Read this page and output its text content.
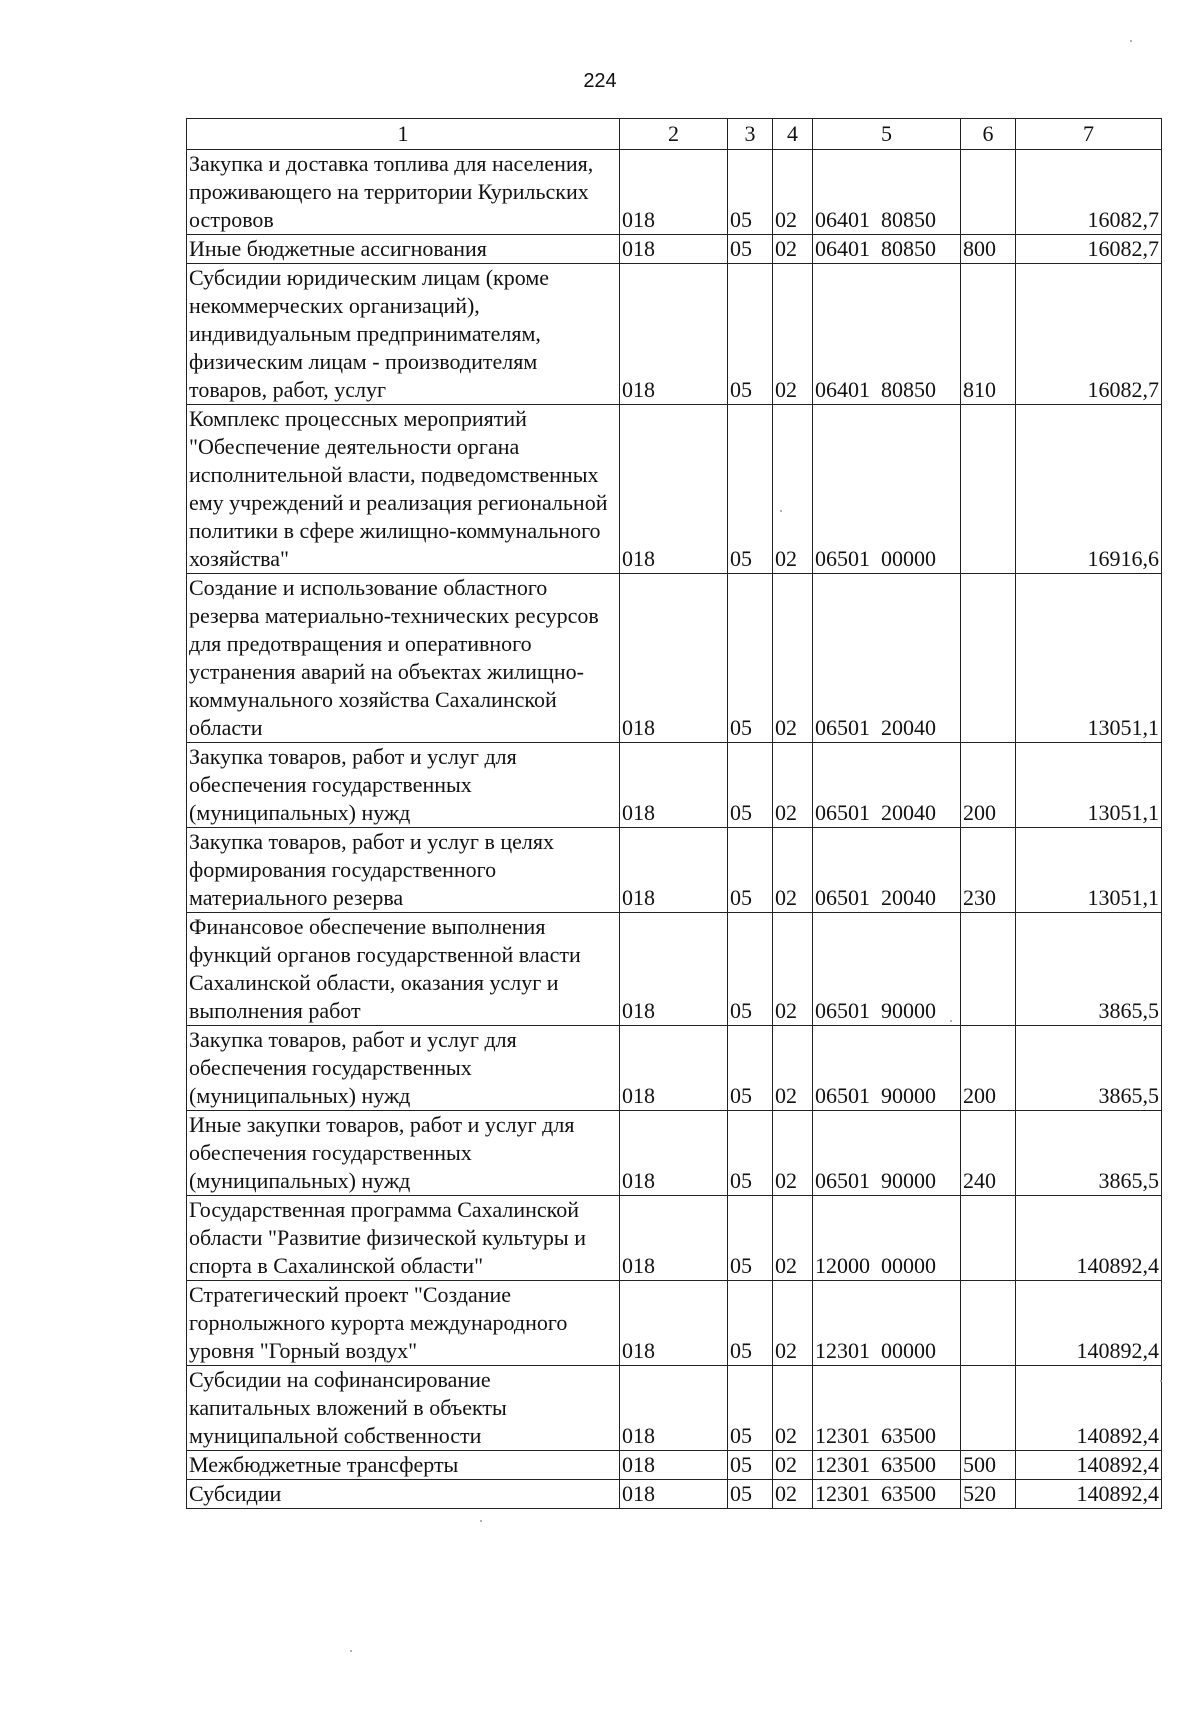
224
1	2	3	4	5	6	7
Закупка и доставка топлива для населения, проживающего на территории Курильских островов	018	05	02	06401  80850		16082,7
Иные бюджетные ассигнования	018	05	02	06401  80850	800	16082,7
Субсидии юридическим лицам (кроме некоммерческих организаций), индивидуальным предпринимателям, физическим лицам - производителям товаров, работ, услуг	018	05	02	06401  80850	810	16082,7
Комплекс процессных мероприятий "Обеспечение деятельности органа исполнительной власти, подведомственных ему учреждений и реализация региональной политики в сфере жилищно-коммунального хозяйства"	018	05	02	06501  00000		16916,6
Создание и использование областного резерва материально-технических ресурсов для предотвращения и оперативного устранения аварий на объектах жилищно-коммунального хозяйства Сахалинской области	018	05	02	06501  20040		13051,1
Закупка товаров, работ и услуг для обеспечения государственных (муниципальных) нужд	018	05	02	06501  20040	200	13051,1
Закупка товаров, работ и услуг в целях формирования государственного материального резерва	018	05	02	06501  20040	230	13051,1
Финансовое обеспечение выполнения функций органов государственной власти Сахалинской области, оказания услуг и выполнения работ	018	05	02	06501  90000		3865,5
Закупка товаров, работ и услуг для обеспечения государственных (муниципальных) нужд	018	05	02	06501  90000	200	3865,5
Иные закупки товаров, работ и услуг для обеспечения государственных (муниципальных) нужд	018	05	02	06501  90000	240	3865,5
Государственная программа Сахалинской области "Развитие физической культуры и спорта в Сахалинской области"	018	05	02	12000  00000		140892,4
Стратегический проект "Создание горнолыжного курорта международного уровня "Горный воздух"	018	05	02	12301  00000		140892,4
Субсидии на софинансирование капитальных вложений в объекты муниципальной собственности	018	05	02	12301  63500		140892,4
Межбюджетные трансферты	018	05	02	12301  63500	500	140892,4
Субсидии	018	05	02	12301  63500	520	140892,4
